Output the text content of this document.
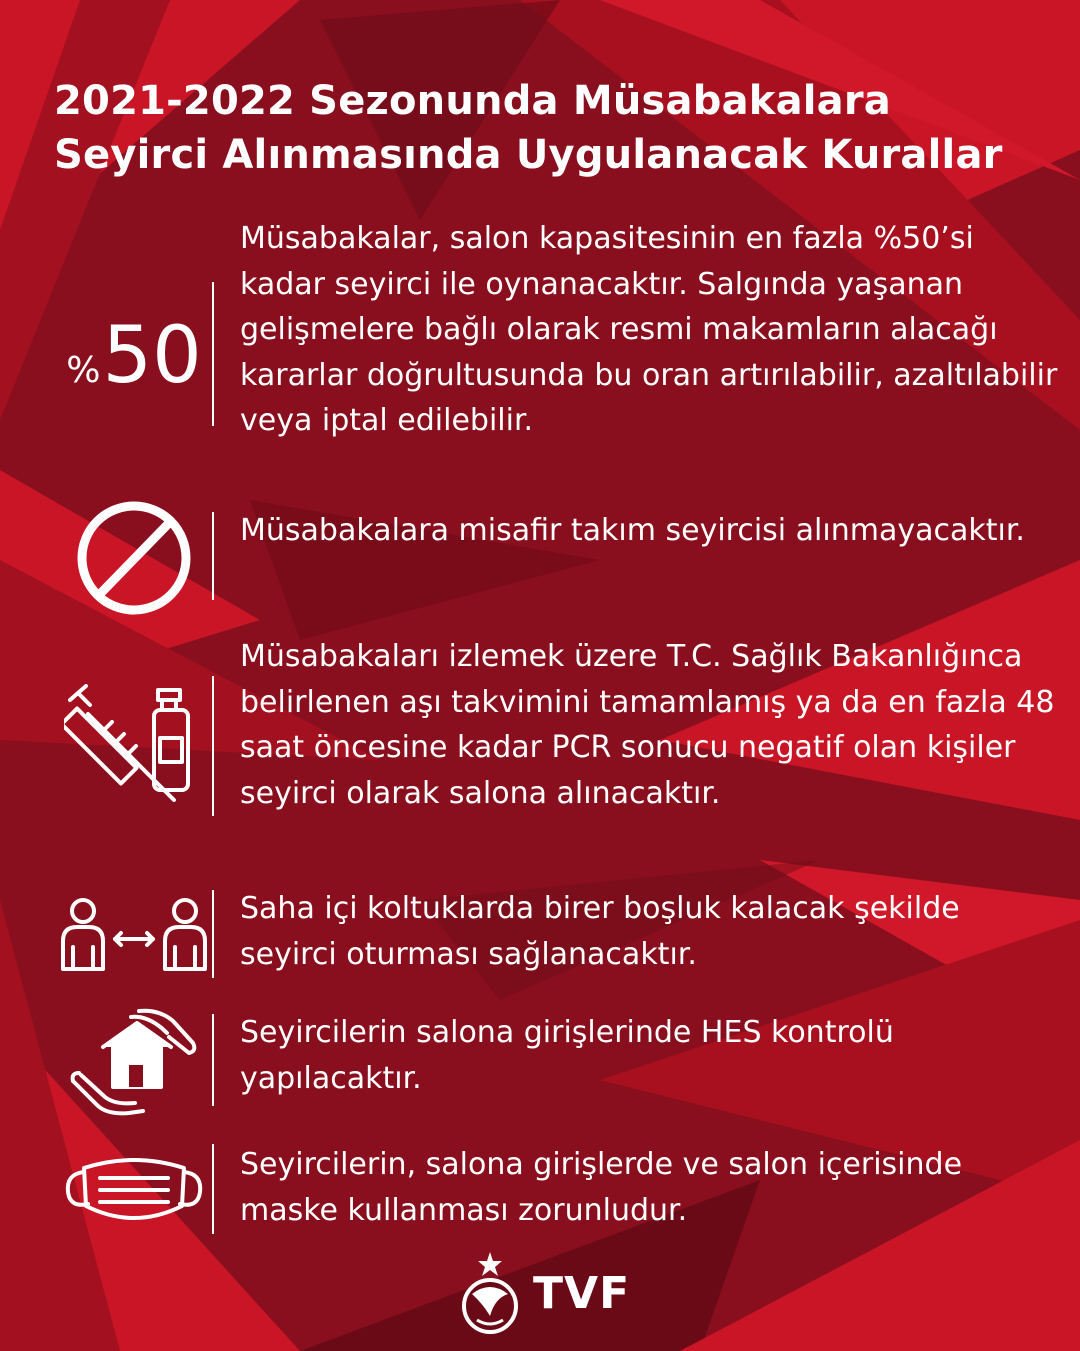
2021-2022 Sezonunda Müsabakalara
Seyirci Alınmasında Uygulanacak Kurallar
% 50
Müsabakalar, salon kapasitesinin en fazla %50’si kadar seyirci ile oynanacaktır. Salgında yaşanan gelişmelere bağlı olarak resmi makamların alacağı kararlar doğrultusunda bu oran artırılabilir, azaltılabilir veya iptal edilebilir.
Müsabakalara misafir takım seyircisi alınmayacaktır.
Müsabakaları izlemek üzere T.C. Sağlık Bakanlığınca belirlenen aşı takvimini tamamlamış ya da en fazla 48 saat öncesine kadar PCR sonucu negatif olan kişiler seyirci olarak salona alınacaktır.
Saha içi koltuklarda birer boşluk kalacak şekilde seyirci oturması sağlanacaktır.
Seyircilerin salona girişlerinde HES kontrolü yapılacaktır.
Seyircilerin, salona girişlerde ve salon içerisinde maske kullanması zorunludur.
TVF
